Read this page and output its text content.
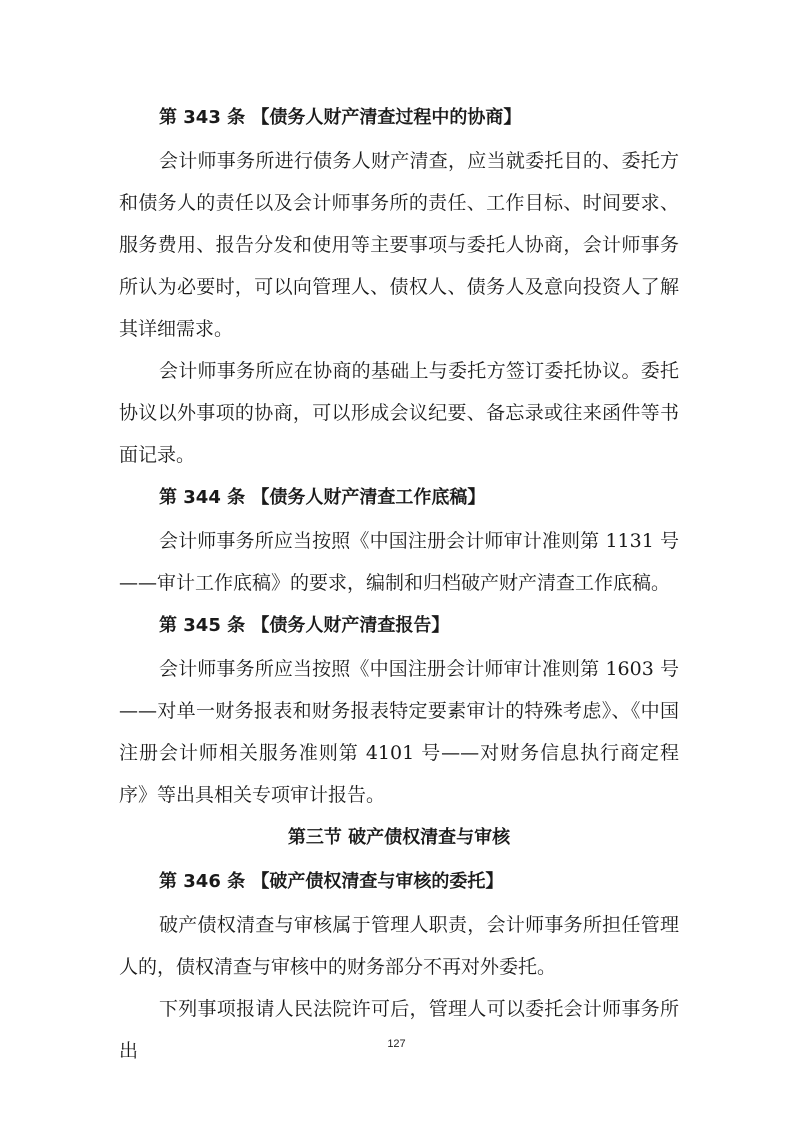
第 343 条 【债务人财产清查过程中的协商】

会计师事务所进行债务人财产清查，应当就委托目的、委托方和债务人的责任以及会计师事务所的责任、工作目标、时间要求、服务费用、报告分发和使用等主要事项与委托人协商，会计师事务所认为必要时，可以向管理人、债权人、债务人及意向投资人了解其详细需求。

会计师事务所应在协商的基础上与委托方签订委托协议。委托协议以外事项的协商，可以形成会议纪要、备忘录或往来函件等书面记录。

第 344 条 【债务人财产清查工作底稿】

会计师事务所应当按照《中国注册会计师审计准则第 1131 号——审计工作底稿》的要求，编制和归档破产财产清查工作底稿。

第 345 条 【债务人财产清查报告】

会计师事务所应当按照《中国注册会计师审计准则第 1603 号——对单一财务报表和财务报表特定要素审计的特殊考虑》、《中国注册会计师相关服务准则第 4101 号——对财务信息执行商定程序》等出具相关专项审计报告。

第三节 破产债权清查与审核
第 346 条 【破产债权清查与审核的委托】

破产债权清查与审核属于管理人职责，会计师事务所担任管理人的，债权清查与审核中的财务部分不再对外委托。

下列事项报请人民法院许可后，管理人可以委托会计师事务所出	127
